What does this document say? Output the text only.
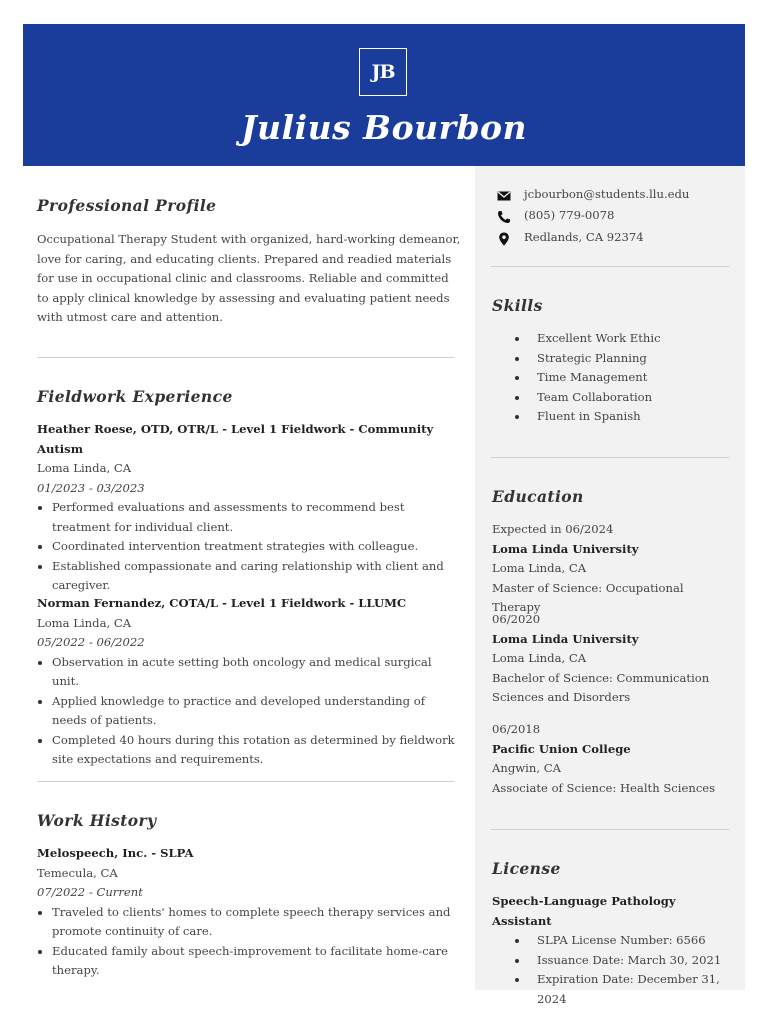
JB
Julius Bourbon
Professional Profile
Occupational Therapy Student with organized, hard-working demeanor, love for caring, and educating clients. Prepared and readied materials for use in occupational clinic and classrooms. Reliable and committed to apply clinical knowledge by assessing and evaluating patient needs with utmost care and attention.
Fieldwork Experience
Heather Roese, OTD, OTR/L - Level 1 Fieldwork - Community Autism
Loma Linda, CA
01/2023 - 03/2023
Performed evaluations and assessments to recommend best treatment for individual client.
Coordinated intervention treatment strategies with colleague.
Established compassionate and caring relationship with client and caregiver.
Norman Fernandez, COTA/L - Level 1 Fieldwork - LLUMC
Loma Linda, CA
05/2022 - 06/2022
Observation in acute setting both oncology and medical surgical unit.
Applied knowledge to practice and developed understanding of needs of patients.
Completed 40 hours during this rotation as determined by fieldwork site expectations and requirements.
Work History
Melospeech, Inc. - SLPA
Temecula, CA
07/2022 - Current
Traveled to clients' homes to complete speech therapy services and promote continuity of care.
Educated family about speech-improvement to facilitate home-care therapy.
jcbourbon@students.llu.edu
(805) 779-0078
Redlands, CA 92374
Skills
Excellent Work Ethic
Strategic Planning
Time Management
Team Collaboration
Fluent in Spanish
Education
Expected in 06/2024
Loma Linda University
Loma Linda, CA
Master of Science: Occupational Therapy
06/2020
Loma Linda University
Loma Linda, CA
Bachelor of Science: Communication Sciences and Disorders
06/2018
Pacific Union College
Angwin, CA
Associate of Science: Health Sciences
License
Speech-Language Pathology Assistant
SLPA License Number: 6566
Issuance Date: March 30, 2021
Expiration Date: December 31, 2024
